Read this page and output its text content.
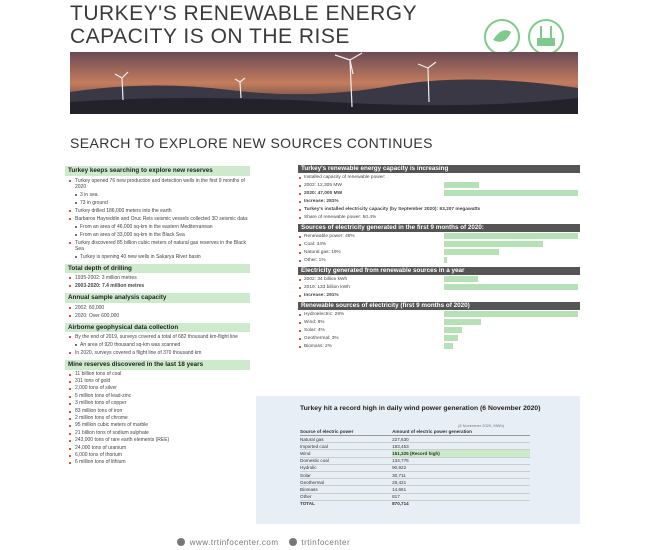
TURKEY'S RENEWABLE ENERGY CAPACITY IS ON THE RISE
SEARCH TO EXPLORE NEW SOURCES CONTINUES
Turkey keeps searching to explore new reserves
Turkey opened 76 new production and detection wells in the first 9 months of 2020
3 in sea
73 in ground
Turkey drilled 186,000 meters into the earth
Barbaros Hayreddin and Oruc Reis seismic vessels collected 3D seismic data:
From an area of 46,000 sq-km in the eastern Mediterranean
From an area of 33,000 sq-km in the Black Sea
Turkey discovered 85 billion cubic meters of natural gas reserves in the Black Sea
Turkey is opening 40 new wells in Sakarya River basin
Total depth of drilling
1935-2002: 3 million metres
2003-2020: 7.4 million metres
Annual sample analysis capacity
2002: 60,000
2020: Over 600,000
Airborne geophysical data collection
By the end of 2019, surveys covered a total of 682 thousand km-flight line
An area of 920 thousand sq-km was scanned
In 2020, surveys covered a flight line of 370 thousand km
Mine reserves discovered in the last 18 years
11 billion tons of coal
311 tons of gold
2,000 tons of silver
5 million tons of lead-zinc
3 million tons of copper
83 million tons of iron
2 million tons of chrome
95 million cubic meters of marble
21 billion tons of sodium sulphate
243,000 tons of rare earth elements (REE)
24,000 tons of uranium
6,000 tons of thorium
6 million tons of lithium
Turkey's renewable energy capacity is increasing
Installed capacity of renewable power:
2002: 12,305 MW
2020: 47,000 MW
Increase: 281%
Turkey's installed electricity capacity (by September 2020): 93,207 megawatts
Share of renewable power: 50.4%
Sources of electricity generated in the first 9 months of 2020:
Renewable power: 46%
Coal: 34%
Natural gas: 19%
Other: 1%
Electricity generated from renewable sources in a year
2002: 34 billion kWh
2019: 133 billion kWh
Increase: 291%
Renewable sources of electricity (first 9 months of 2020)
Hydroelectric: 29%
Wind: 8%
Solar: 4%
Geothermal: 3%
Biomass: 2%
Turkey hit a record high in daily wind power generation (6 November 2020)
(6 November 2020, MWh)
Source of electric power	Amount of electric power generation
Natural gas	227,630
Imported coal	193,453
Wind	151,325 (Record high)
Domestic coal	134,775
Hydrolic	90,922
Solar	30,711
Geothermal	26,421
Biomass	14,661
Other	817
TOTAL	870,714
www.trtinfocenter.com	trtinfocenter
